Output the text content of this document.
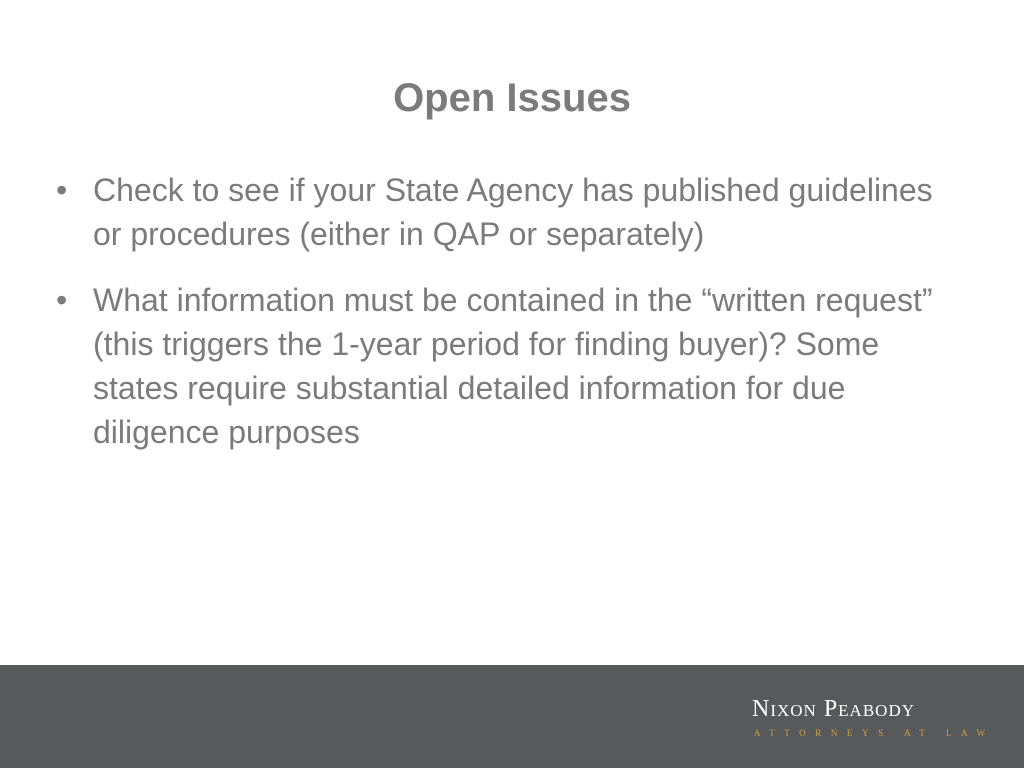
Open Issues
• Check to see if your State Agency has published guidelines or procedures (either in QAP or separately)
• What information must be contained in the “written request” (this triggers the 1-year period for finding buyer)? Some states require substantial detailed information for due diligence purposes
Nixon Peabody
ATTORNEYS AT LAW
